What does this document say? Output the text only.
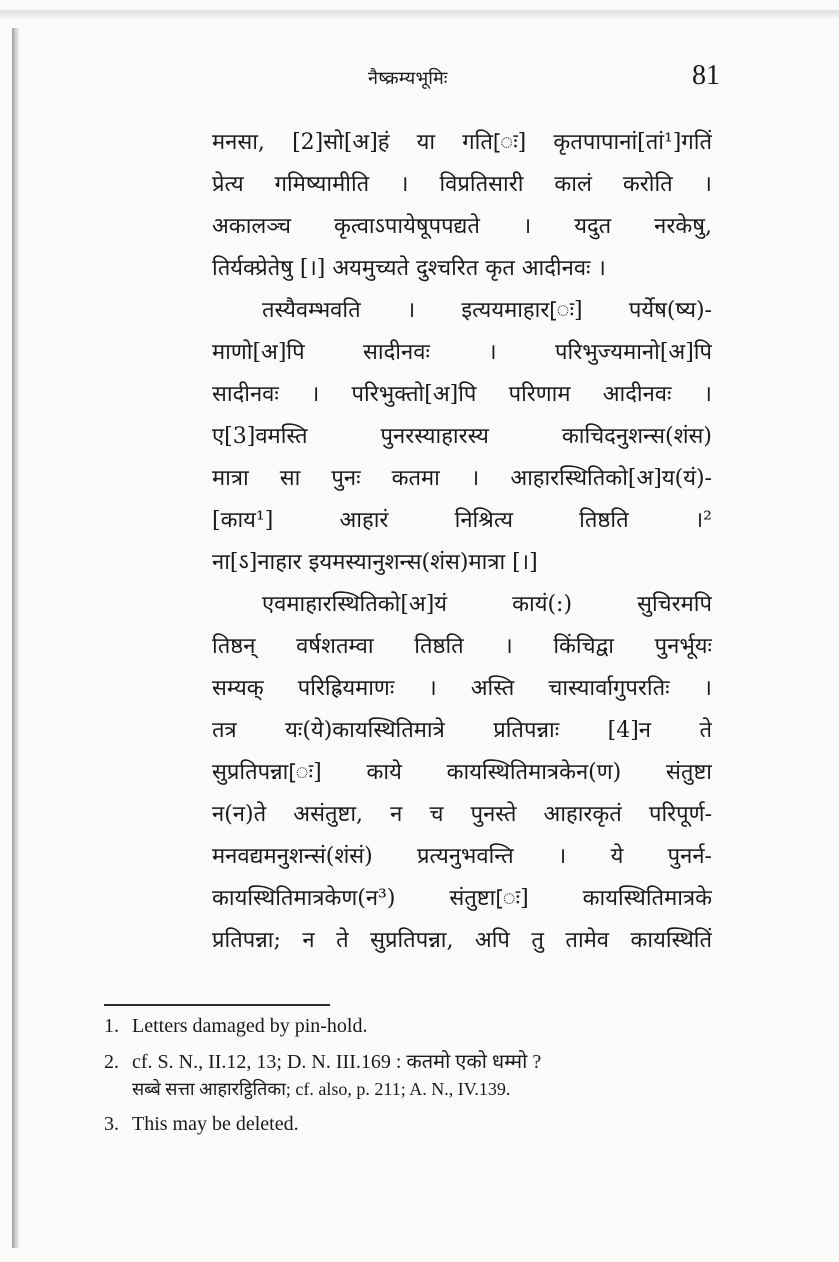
नैष्क्रम्यभूमिः	81
मनसा, [2]सो[अ]हं या गति[ः] कृतपापानां[तां¹]गतिं
प्रेत्य गमिष्यामीति । विप्रतिसारी कालं करोति ।
अकालञ्च कृत्वाऽपायेषूपपद्यते । यदुत नरकेषु,
तिर्यक्प्रेतेषु [।] अयमुच्यते दुश्चरित कृत आदीनवः ।
तस्यैवम्भवति । इत्ययमाहार[ः] पर्येष(ष्य)-
माणो[अ]पि सादीनवः । परिभुज्यमानो[अ]पि
सादीनवः । परिभुक्तो[अ]पि परिणाम आदीनवः ।
ए[3]वमस्ति पुनरस्याहारस्य काचिदनुशन्स(शंस)
मात्रा सा पुनः कतमा । आहारस्थितिको[अ]य(यं)-
[काय¹] आहारं निश्रित्य तिष्ठति ।²
ना[ऽ]नाहार इयमस्यानुशन्स(शंस)मात्रा [।]
एवमाहारस्थितिको[अ]यं कायं(:) सुचिरमपि
तिष्ठन् वर्षशतम्वा तिष्ठति । किंचिद्वा पुनर्भूयः
सम्यक् परिह्रियमाणः । अस्ति चास्यार्वागुपरतिः ।
तत्र यः(ये)कायस्थितिमात्रे प्रतिपन्नाः [4]न ते
सुप्रतिपन्ना[ः] काये कायस्थितिमात्रकेन(ण) संतुष्टा
न(न)ते असंतुष्टा, न च पुनस्ते आहारकृतं परिपूर्ण-
मनवद्यमनुशन्सं(शंसं) प्रत्यनुभवन्ति । ये पुनर्न-
कायस्थितिमात्रकेण(न³) संतुष्टा[ः] कायस्थितिमात्रके
प्रतिपन्ना; न ते सुप्रतिपन्ना, अपि तु तामेव कायस्थितिं
1. Letters damaged by pin-hold.
2. cf. S. N., II.12, 13; D. N. III.169 : कतमो एको धम्मो ?
सब्बे सत्ता आहारट्ठितिका; cf. also, p. 211; A. N., IV.139.
3. This may be deleted.
